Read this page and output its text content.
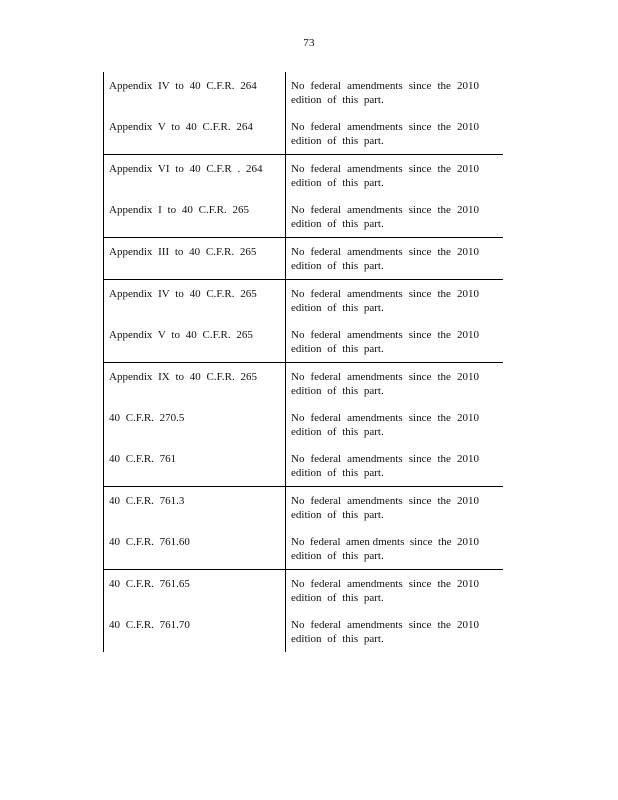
73
Appendix IV to 40 C.F.R. 264	No federal amendments since the 2010
edition of this part.
Appendix V to 40 C.F.R. 264	No federal amendments since the 2010
edition of this part.
Appendix VI to 40 C.F.R . 264	No federal amendments since the 2010
edition of this part.
Appendix I to 40 C.F.R. 265	No federal amendments since the 2010
edition of this part.
Appendix III to 40 C.F.R. 265	No federal amendments since the 2010
edition of this part.
Appendix IV to 40 C.F.R. 265	No federal amendments since the 2010
edition of this part.
Appendix V to 40 C.F.R. 265	No federal amendments since the 2010
edition of this part.
Appendix IX to 40 C.F.R. 265	No federal amendments since the 2010
edition of this part.
40 C.F.R. 270.5	No federal amendments since the 2010
edition of this part.
40 C.F.R. 761	No federal amendments since the 2010
edition of this part.
40 C.F.R. 761.3	No federal amendments since the 2010
edition of this part.
40 C.F.R. 761.60	No federal amen dments since the 2010
edition of this part.
40 C.F.R. 761.65	No federal amendments since the 2010
edition of this part.
40 C.F.R. 761.70	No federal amendments since the 2010
edition of this part.
